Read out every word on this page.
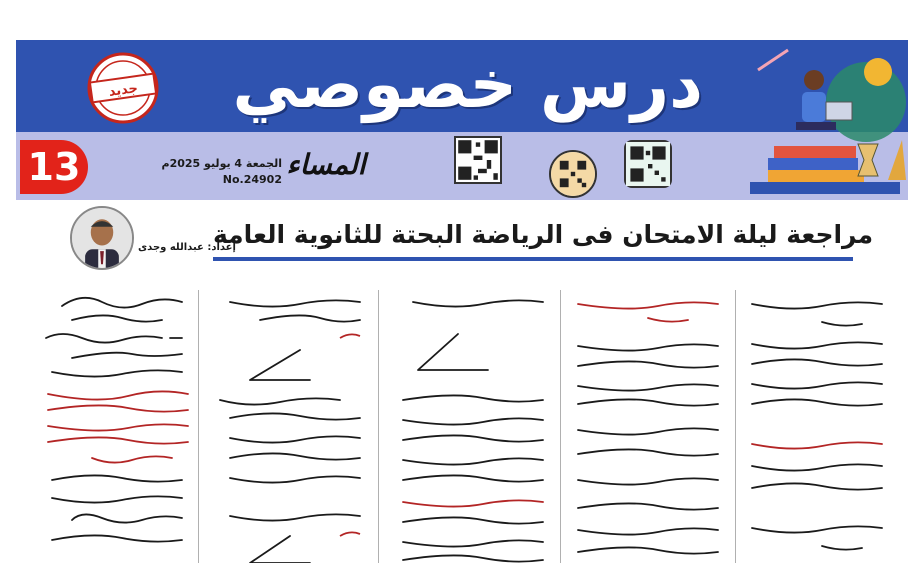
درس خصوصي
جديد
13	الجمعة 4 يوليو 2025م
No.24902 المساء
مراجعة ليلة الامتحان فى الرياضة البحتة للثانوية العامة
إعداد: عبدالله وجدى
